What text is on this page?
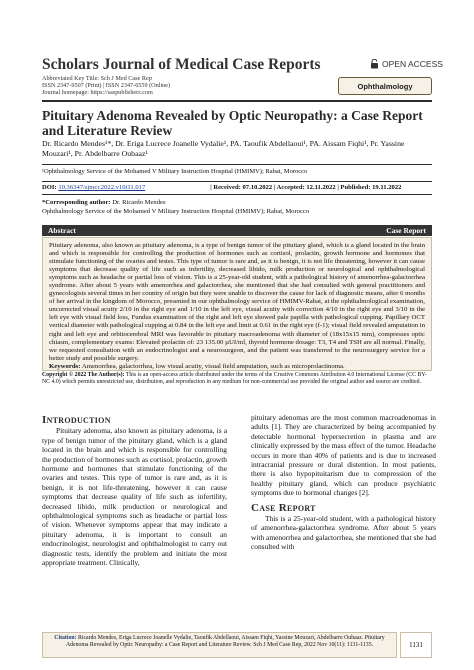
Scholars Journal of Medical Case Reports
Abbreviated Key Title: Sch J Med Case Rep
ISSN 2347-9507 (Print) | ISSN 2347-6559 (Online)
Journal homepage: https://saspublishers.com
OPEN ACCESS
Ophthalmology
Pituitary Adenoma Revealed by Optic Neuropathy: a Case Report and Literature Review
Dr. Ricardo Mendes¹*, Dr. Eriga Lucrece Joanelle Vydalie¹, PA. Taoufik Abdellaoui¹, PA. Aissam Fiqhi¹, Pr. Yassine Mouzari¹, Pr. Abdelbarre Oubaaz¹
¹Ophthalmology Service of the Mohamed V Military Instruction Hospital (HMIMV); Rabat, Morocco
DOI:
10.36347/sjmcr.2022.v10i11.017	| Received: 07.10.2022 | Accepted: 12.11.2022 | Published: 19.11.2022
*Corresponding author: Dr. Ricardo Mendes
Ophthalmology Service of the Mohamed V Military Instruction Hospital (HMIMV); Rabat, Morocco
Abstract	Case Report
Pituitary adenoma, also known as pituitary adenoma, is a type of benign tumor of the pituitary gland, which is a gland located in the brain and which is responsible for controlling the production of hormones such as cortisol, prolactin, growth hormone and hormones that stimulate functioning of the ovaries and testes. This type of tumor is rare and, as it is benign, it is not life threatening, however it can cause symptoms that decrease quality of life such as infertility, decreased libido, milk production or neurological and ophthalmological symptoms such as headache or partial loss of vision. This is a 25-year-old student, with a pathological history of amenorrhea-galactorrhea syndrome. After about 5 years with amenorrhea and galactorrhea, she mentioned that she had consulted with general practitioners and gynecologists several times in her country of origin but they were unable to discover the cause for lack of diagnostic means, after 6 months of her arrival in the kingdom of Morocco, presented in our ophthalmology service of HMIMV-Rabat, at the ophthalmological examination, uncorrected visual acuity 2/10 in the right eye and 1/10 in the left eye, visual acuity with correction 4/10 in the right eye and 3/10 in the left eye with visual field loss, Fundus examination of the right and left eye showed pale papilla with pathological cupping. Papillary OCT vertical diameter with pathological cupping at 0.84 in the left eye and limit at 0.61 in the right eye (f-1); visual field revealed amputation in right and left eye and orbitocerebral MRI was favorable to pituitary macroadenoma with diameter of (18x15x15 mm), compresses optic chiasm, complementary exams: Elevated prolactin of: 23 135.00 µUI/ml, thyroid hormone dosage: T3, T4 and TSH are all normal. Finally, we requested consultation with an endocrinologist and a neurosurgeon, and the patient was transferred to the neurosurgery service for a better study and possible surgery.
Keywords: Amenorrhea, galactorrhea, low visual acuity, visual field amputation, such as microprolactinoma.
Copyright © 2022 The Author(s): This is an open-access article distributed under the terms of the Creative Commons Attribution 4.0 International License (CC BY-NC 4.0) which permits unrestricted use, distribution, and reproduction in any medium for non-commercial use provided the original author and source are credited.
Introduction

Pituitary adenoma, also known as pituitary adenoma, is a type of benign tumor of the pituitary gland, which is a gland located in the brain and which is responsible for controlling the production of hormones such as cortisol, prolactin, growth hormone and hormones that stimulate functioning of the ovaries and testes. This type of tumor is rare and, as it is benign, it is not life-threatening, however it can cause symptoms that decrease quality of life such as infertility, decreased libido, milk production or neurological and ophthalmological symptoms such as headache or partial loss of vision. Whenever symptoms appear that may indicate a pituitary adenoma, it is important to consult an endocrinologist, neurologist and ophthalmologist to carry out diagnostic tests, identify the problem and initiate the most appropriate treatment. Clinically,

pituitary adenomas are the most common macroadenomas in adults [1]. They are characterized by being accompanied by detectable hormonal hypersecretion in plasma and are clinically expressed by the mass effect of the tumor. Headache occurs in more than 40% of patients and is due to increased intracranial pressure or dural distention. In most patients, there is also hypopituitarism due to compression of the healthy pituitary gland, which can produce psychiatric symptoms due to hormonal changes [2].

Case Report

This is a 25-year-old student, with a pathological history of amenorrhea-galactorrhea syndrome. After about 5 years with amenorrhea and galactorrhea, she mentioned that she had consulted with

Citation: Ricardo Mendes, Eriga Lucrece Joanelle Vydalie, Taoufik Abdellaoui, Aissam Fiqhi, Yassine Mouzari, Abdelbarre Oubaaz. Pituitary Adenoma Revealed by Optic Neuropathy: a Case Report and Literature Review. Sch J Med Case Rep, 2022 Nov 10(11): 1131-1135.	1131
